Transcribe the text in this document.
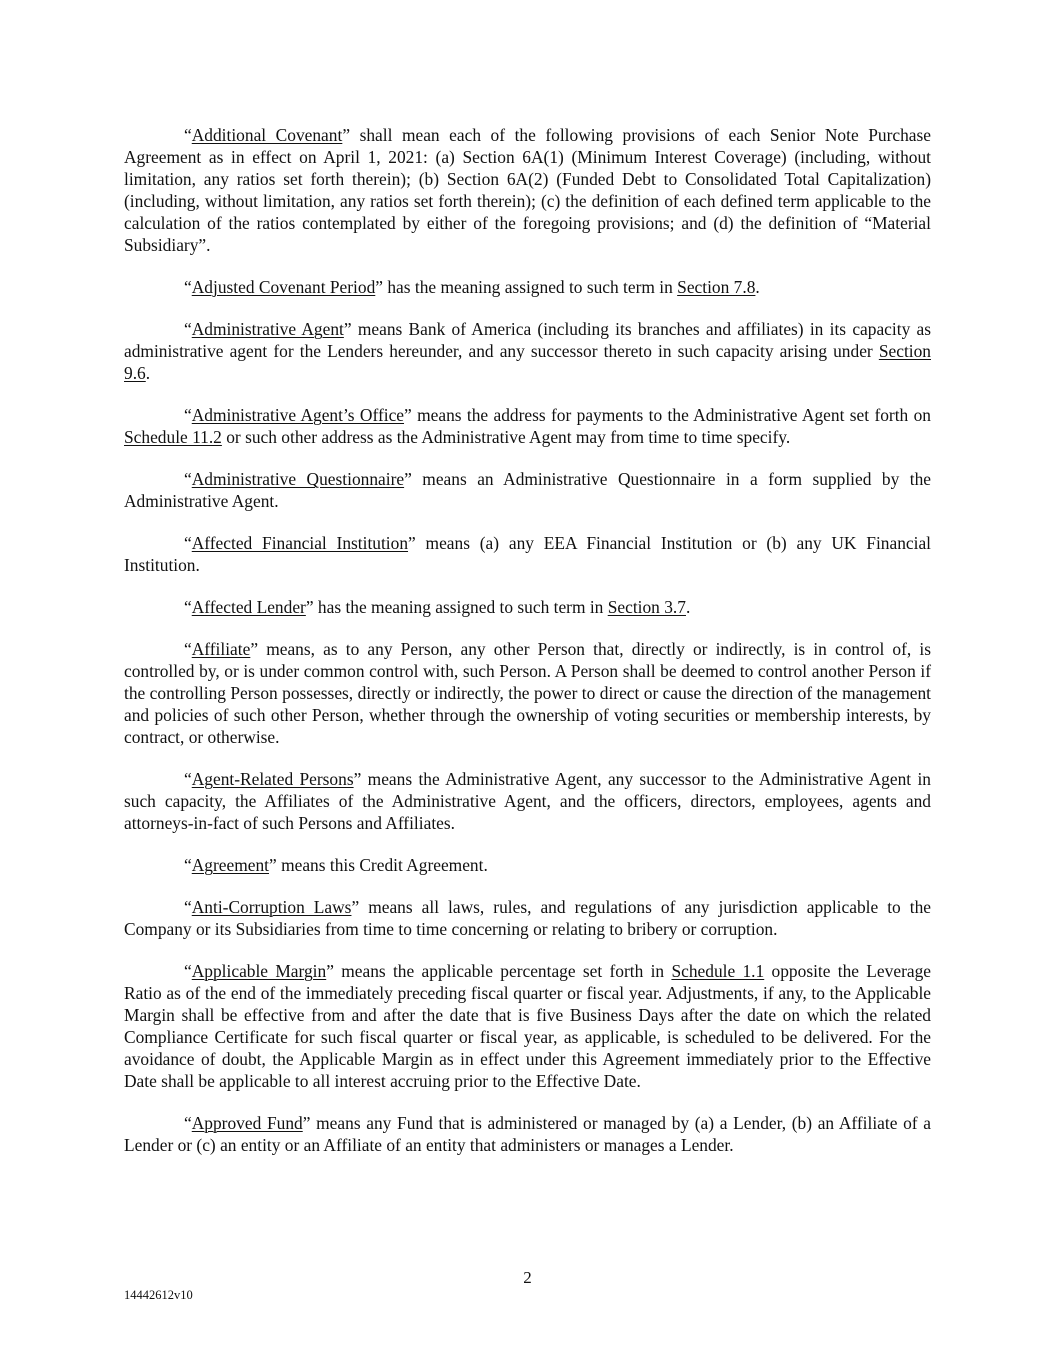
“Additional Covenant” shall mean each of the following provisions of each Senior Note Purchase Agreement as in effect on April 1, 2021: (a) Section 6A(1) (Minimum Interest Coverage) (including, without limitation, any ratios set forth therein); (b) Section 6A(2) (Funded Debt to Consolidated Total Capitalization) (including, without limitation, any ratios set forth therein); (c) the definition of each defined term applicable to the calculation of the ratios contemplated by either of the foregoing provisions; and (d) the definition of “Material Subsidiary”.

“Adjusted Covenant Period” has the meaning assigned to such term in Section 7.8.

“Administrative Agent” means Bank of America (including its branches and affiliates) in its capacity as administrative agent for the Lenders hereunder, and any successor thereto in such capacity arising under Section 9.6.

“Administrative Agent’s Office” means the address for payments to the Administrative Agent set forth on Schedule 11.2 or such other address as the Administrative Agent may from time to time specify.

“Administrative Questionnaire” means an Administrative Questionnaire in a form supplied by the Administrative Agent.

“Affected Financial Institution” means (a) any EEA Financial Institution or (b) any UK Financial Institution.

“Affected Lender” has the meaning assigned to such term in Section 3.7.

“Affiliate” means, as to any Person, any other Person that, directly or indirectly, is in control of, is controlled by, or is under common control with, such Person. A Person shall be deemed to control another Person if the controlling Person possesses, directly or indirectly, the power to direct or cause the direction of the management and policies of such other Person, whether through the ownership of voting securities or membership interests, by contract, or otherwise.

“Agent-Related Persons” means the Administrative Agent, any successor to the Administrative Agent in such capacity, the Affiliates of the Administrative Agent, and the officers, directors, employees, agents and attorneys-in-fact of such Persons and Affiliates.

“Agreement” means this Credit Agreement.

“Anti-Corruption Laws” means all laws, rules, and regulations of any jurisdiction applicable to the Company or its Subsidiaries from time to time concerning or relating to bribery or corruption.

“Applicable Margin” means the applicable percentage set forth in Schedule 1.1 opposite the Leverage Ratio as of the end of the immediately preceding fiscal quarter or fiscal year. Adjustments, if any, to the Applicable Margin shall be effective from and after the date that is five Business Days after the date on which the related Compliance Certificate for such fiscal quarter or fiscal year, as applicable, is scheduled to be delivered. For the avoidance of doubt, the Applicable Margin as in effect under this Agreement immediately prior to the Effective Date shall be applicable to all interest accruing prior to the Effective Date.

“Approved Fund” means any Fund that is administered or managed by (a) a Lender, (b) an Affiliate of a Lender or (c) an entity or an Affiliate of an entity that administers or manages a Lender.

2
14442612v10
